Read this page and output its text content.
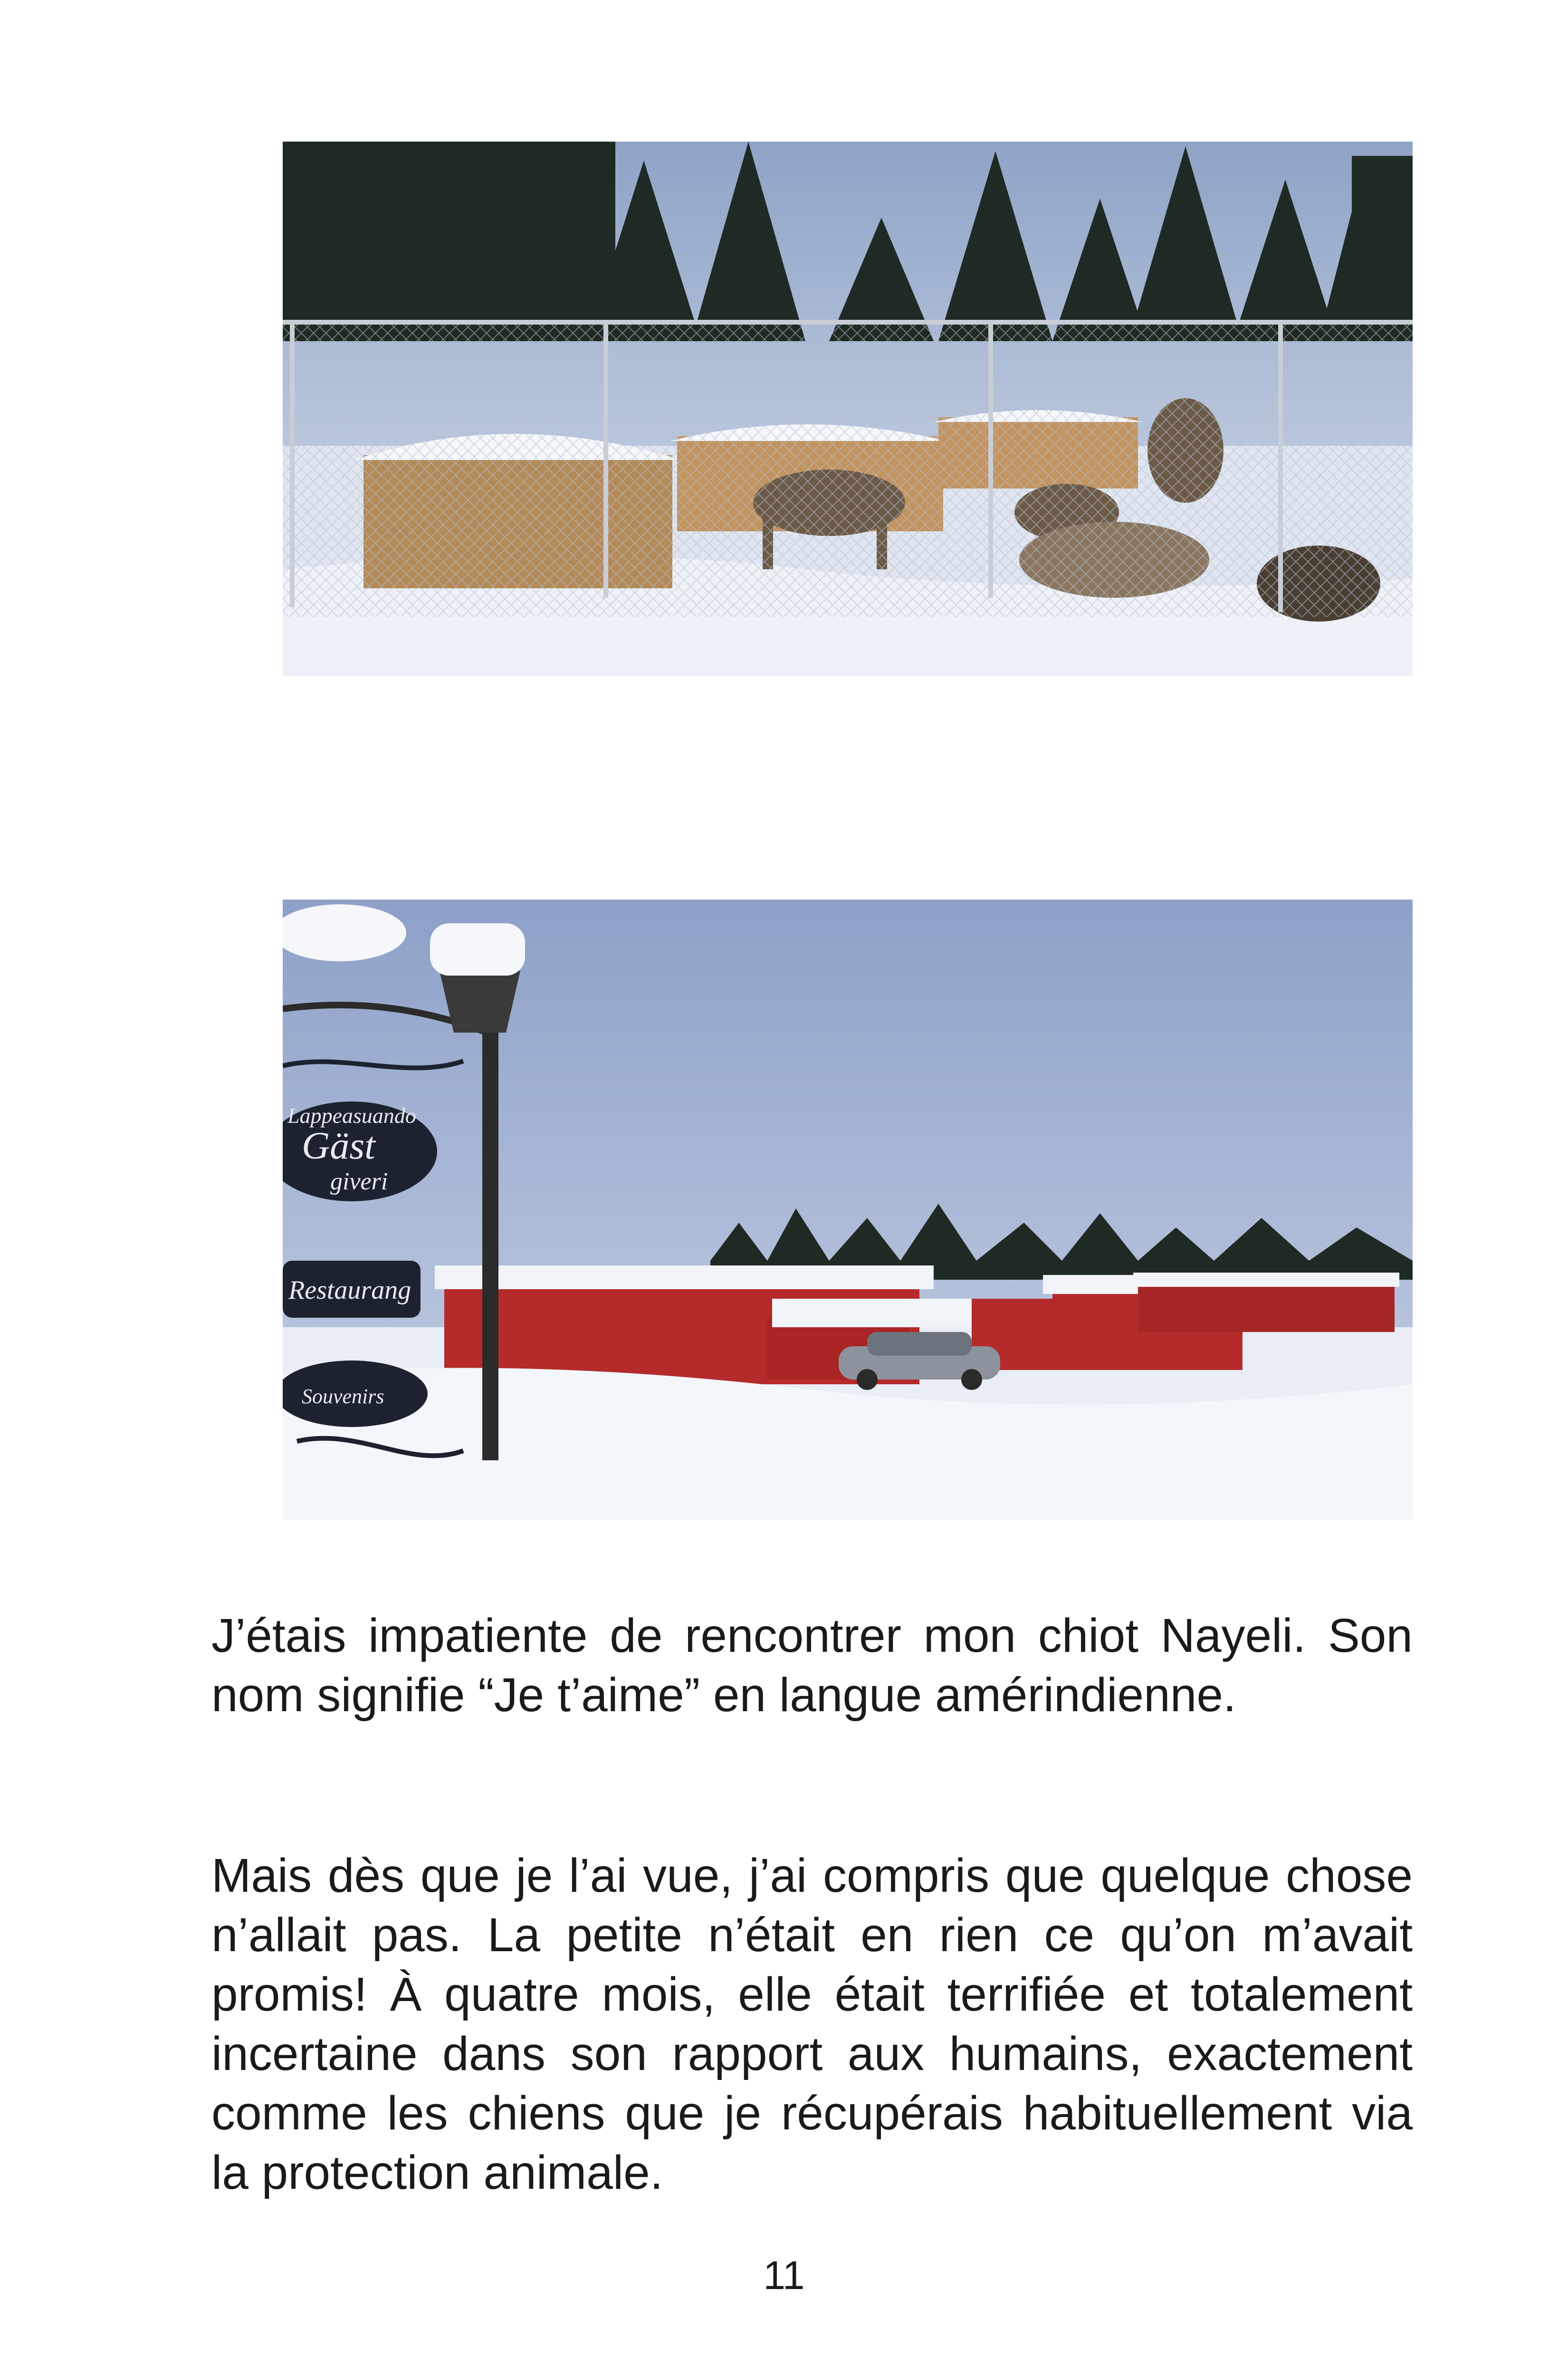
Lappeasuando
Gäst
giveri
Restaurang
Souvenirs

J’étais impatiente de rencontrer mon chiot Nayeli. Son nom signifie “Je t’aime” en langue amérindienne.

Mais dès que je l’ai vue, j’ai compris que quelque chose n’allait pas. La petite n’était en rien ce qu’on m’avait promis! À quatre mois, elle était terrifiée et totalement incertaine dans son rapport aux humains, exactement comme les chiens que je récupérais habituellement via la protection animale.

11
